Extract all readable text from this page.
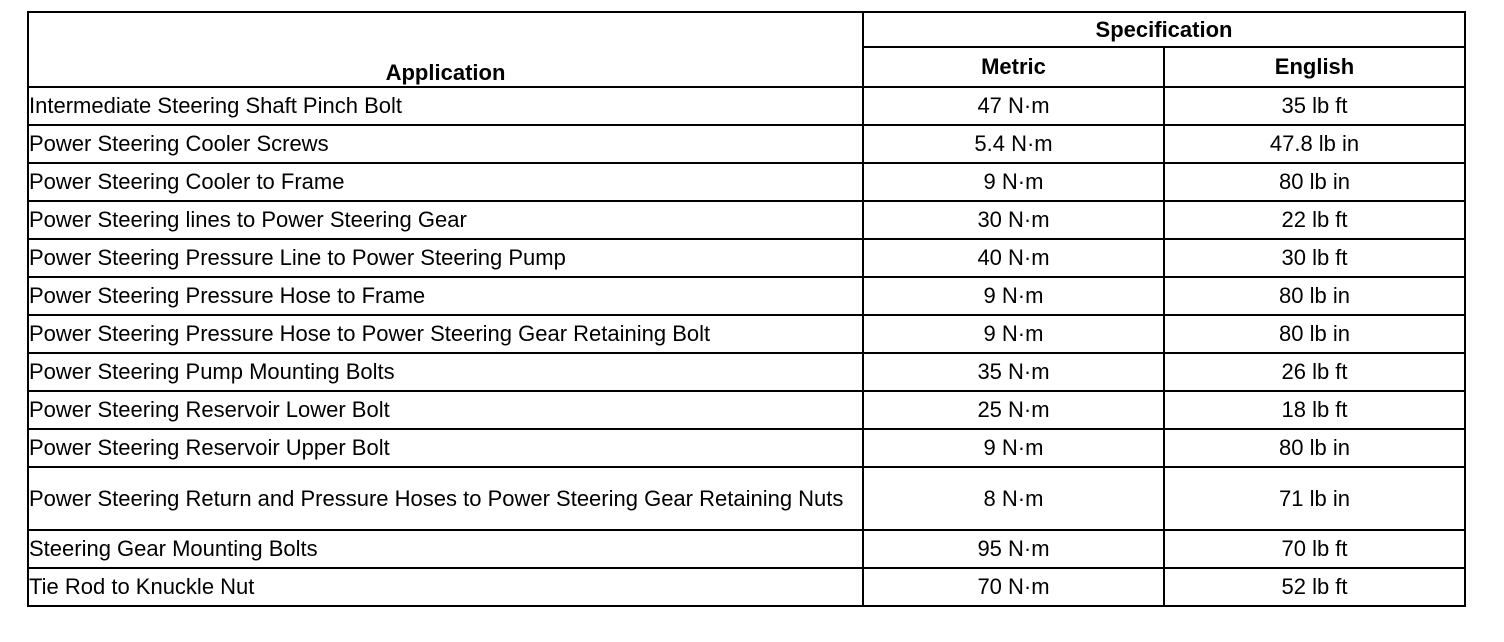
Application	Specification	
	Metric	English
Intermediate Steering Shaft Pinch Bolt	47 N·m	35 lb ft
Power Steering Cooler Screws	5.4 N·m	47.8 lb in
Power Steering Cooler to Frame	9 N·m	80 lb in
Power Steering lines to Power Steering Gear	30 N·m	22 lb ft
Power Steering Pressure Line to Power Steering Pump	40 N·m	30 lb ft
Power Steering Pressure Hose to Frame	9 N·m	80 lb in
Power Steering Pressure Hose to Power Steering Gear Retaining Bolt	9 N·m	80 lb in
Power Steering Pump Mounting Bolts	35 N·m	26 lb ft
Power Steering Reservoir Lower Bolt	25 N·m	18 lb ft
Power Steering Reservoir Upper Bolt	9 N·m	80 lb in
Power Steering Return and Pressure Hoses to Power Steering Gear Retaining Nuts	8 N·m	71 lb in
Steering Gear Mounting Bolts	95 N·m	70 lb ft
Tie Rod to Knuckle Nut	70 N·m	52 lb ft
